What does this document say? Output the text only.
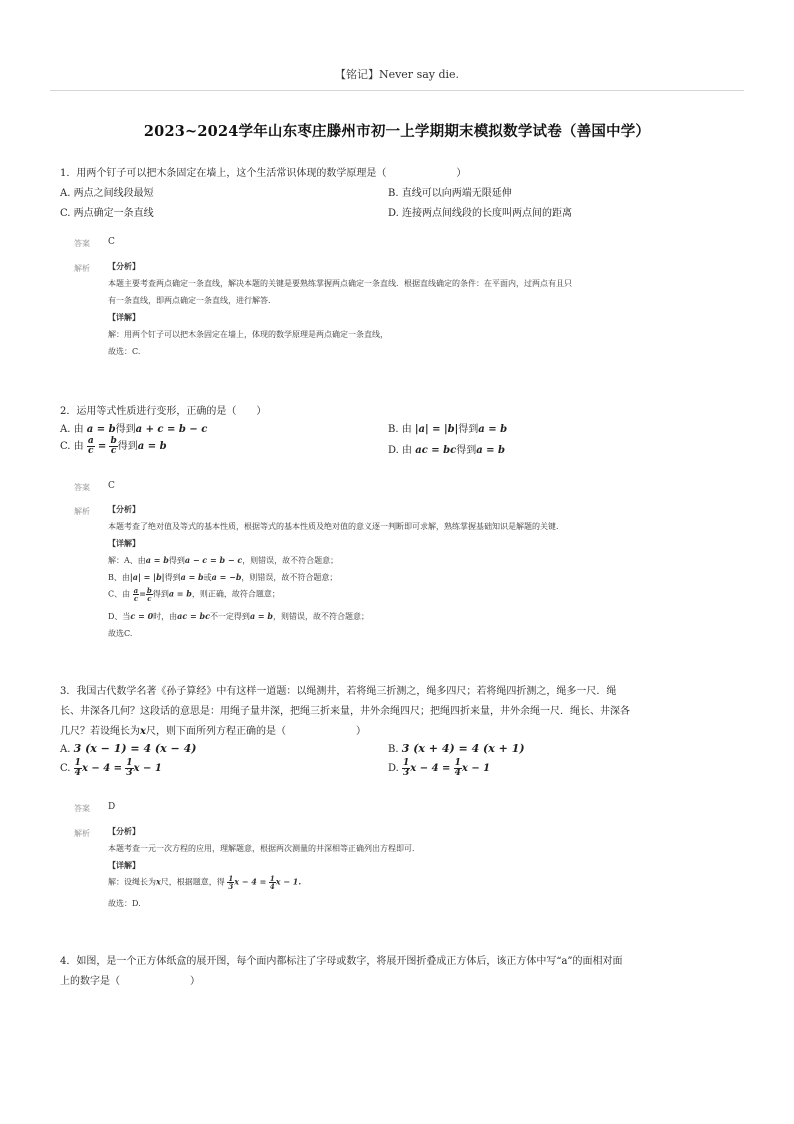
【铭记】Never say die.
2023~2024学年山东枣庄滕州市初一上学期期末模拟数学试卷（善国中学）
1．用两个钉子可以把木条固定在墙上，这个生活常识体现的数学原理是（　　　　　　　）
A. 两点之间线段最短	B. 直线可以向两端无限延伸
C. 两点确定一条直线	D. 连接两点间线段的长度叫两点间的距离
答案 C
解析 【分析】
本题主要考查两点确定一条直线，解决本题的关键是要熟练掌握两点确定一条直线．根据直线确定的条件：在平面内，过两点有且只
有一条直线，即两点确定一条直线，进行解答．
【详解】
解：用两个钉子可以把木条固定在墙上，体现的数学原理是两点确定一条直线，
故选：C.
2．运用等式性质进行变形，正确的是（　　）
A. 由 a = b得到a + c = b − c	B. 由 |a| = |b|得到a = b
C. 由 $\frac{a}{c} = \frac{b}{c}$ 得到a = b	D. 由 ac = bc得到a = b
答案 C
解析 【分析】
本题考查了绝对值及等式的基本性质，根据等式的基本性质及绝对值的意义逐一判断即可求解，熟练掌握基础知识是解题的关键．
【详解】
解：A、由a = b得到a − c = b − c，则错误，故不符合题意；
B、由|a| = |b|得到a = b或a = −b，则错误，故不符合题意；
C、由 $\frac{a}{c} = \frac{b}{c}$ 得到a = b，则正确，故符合题意；
D、当c = 0时，由ac = bc不一定得到a = b，则错误，故不符合题意；
故选C.
3．我国古代数学名著《孙子算经》中有这样一道题：以绳测井，若将绳三折测之，绳多四尺；若将绳四折测之，绳多一尺．绳
长、井深各几何？这段话的意思是：用绳子量井深，把绳三折来量，井外余绳四尺；把绳四折来量，井外余绳一尺．绳长、井深各
几尺？若设绳长为x尺，则下面所列方程正确的是（　　　　　　　）
A. 3 (x − 1) = 4 (x − 4)	B. 3 (x + 4) = 4 (x + 1)
C. $\frac{1}{4}$ $x - 4 = \frac{1}{3}$ x − 1	D. $\frac{1}{3}$ $x - 4 = \frac{1}{4}$ x − 1
答案 D
解析 【分析】
本题考查一元一次方程的应用，理解题意，根据两次测量的井深相等正确列出方程即可．
【详解】
解：设绳长为x尺，根据题意，得 $\frac{1}{3}$ $x - 4 = \frac{1}{4}$ x − 1.
故选：D.
4．如图，是一个正方体纸盒的展开图，每个面内都标注了字母或数字，将展开图折叠成正方体后，该正方体中写“a”的面相对面
上的数字是（　　　　　　　）
